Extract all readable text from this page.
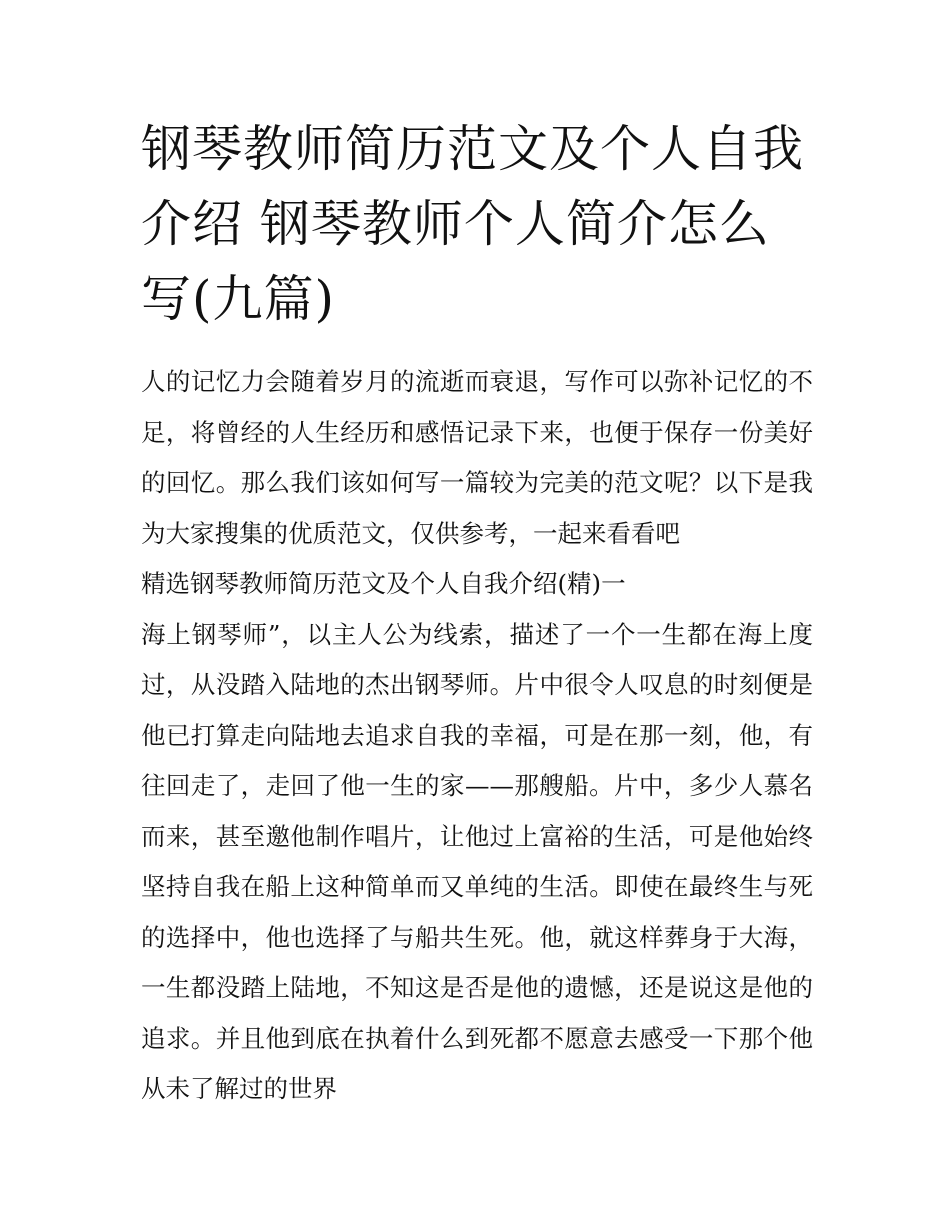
钢琴教师简历范文及个人自我介绍 钢琴教师个人简介怎么写(九篇)

人的记忆力会随着岁月的流逝而衰退，写作可以弥补记忆的不足，将曾经的人生经历和感悟记录下来，也便于保存一份美好的回忆。那么我们该如何写一篇较为完美的范文呢？以下是我为大家搜集的优质范文，仅供参考，一起来看看吧

精选钢琴教师简历范文及个人自我介绍(精)一

海上钢琴师”，以主人公为线索，描述了一个一生都在海上度过，从没踏入陆地的杰出钢琴师。片中很令人叹息的时刻便是他已打算走向陆地去追求自我的幸福，可是在那一刻，他，有往回走了，走回了他一生的家——那艘船。片中，多少人慕名而来，甚至邀他制作唱片，让他过上富裕的生活，可是他始终坚持自我在船上这种简单而又单纯的生活。即使在最终生与死的选择中，他也选择了与船共生死。他，就这样葬身于大海，一生都没踏上陆地，不知这是否是他的遗憾，还是说这是他的追求。并且他到底在执着什么到死都不愿意去感受一下那个他从未了解过的世界
